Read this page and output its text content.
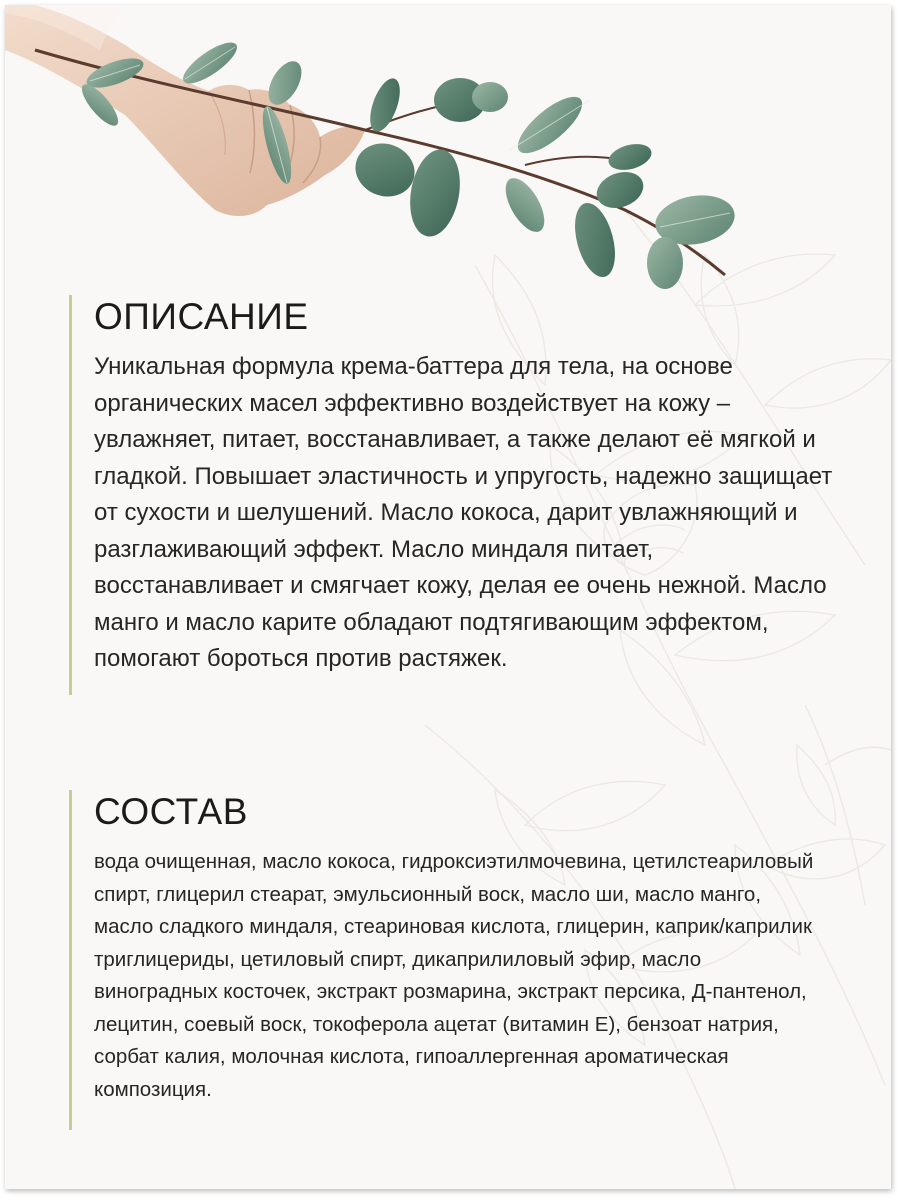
ОПИСАНИЕ

Уникальная формула крема-баттера для тела, на основе органических масел эффективно воздействует на кожу – увлажняет, питает, восстанавливает, а также делают её мягкой и гладкой. Повышает эластичность и упругость, надежно защищает от сухости и шелушений. Масло кокоса, дарит увлажняющий и разглаживающий эффект. Масло миндаля питает, восстанавливает и смягчает кожу, делая ее очень нежной. Масло манго и масло карите обладают подтягивающим эффектом, помогают бороться против растяжек.

СОСТАВ

вода очищенная, масло кокоса, гидроксиэтилмочевина, цетилстеариловый спирт, глицерил стеарат, эмульсионный воск, масло ши, масло манго, масло сладкого миндаля, стеариновая кислота, глицерин, каприк/каприлик триглицериды, цетиловый спирт, дикаприлиловый эфир, масло виноградных косточек, экстракт розмарина, экстракт персика, Д-пантенол, лецитин, соевый воск, токоферола ацетат (витамин Е), бензоат натрия, сорбат калия, молочная кислота, гипоаллергенная ароматическая композиция.
